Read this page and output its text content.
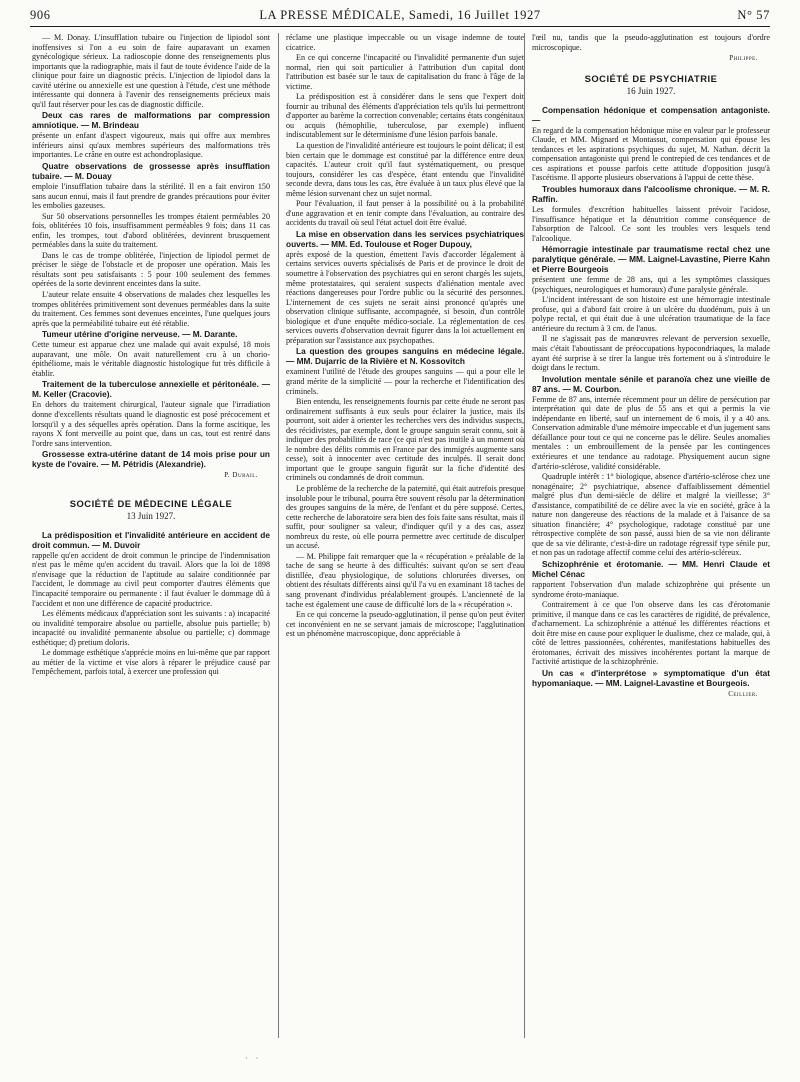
906	LA PRESSE MÉDICALE, Samedi, 16 Juillet 1927	N° 57

— M. Donay. L'insufflation tubaire ou l'injection de lipiodol sont inoffensives si l'on a eu soin de faire auparavant un examen gynécologique sérieux. La radioscopie donne des renseignements plus importants que la radiographie, mais il faut de toute évidence l'aide de la clinique pour faire un diagnostic précis. L'injection de lipiodol dans la cavité utérine ou annexielle est une question à l'étude, c'est une méthode intéressante qui donnera à l'avenir des renseignements précieux mais qu'il faut réserver pour les cas de diagnostic difficile.

Deux cas rares de malformations par compression amniotique. — M. Brindeau

présente un enfant d'aspect vigoureux, mais qui offre aux membres inférieurs ainsi qu'aux membres supérieurs des malformations très importantes. Le crâne en outre est achondroplasique.

Quatre observations de grossesse après insufflation tubaire. — M. Douay

emploie l'insufflation tubaire dans la stérilité. Il en a fait environ 150 sans aucun ennui, mais il faut prendre de grandes précautions pour éviter les embolies gazeuses.

Sur 50 observations personnelles les trompes étaient perméables 20 fois, oblitérées 10 fois, insuffisamment perméables 9 fois; dans 11 cas enfin, les trompes, tout d'abord oblitérées, devinrent brusquement perméables dans la suite du traitement.

Dans le cas de trompe oblitérée, l'injection de lipiodol permet de préciser le siège de l'obstacle et de proposer une opération. Mais les résultats sont peu satisfaisants : 5 pour 100 seulement des femmes opérées de la sorte devinrent enceintes dans la suite.

L'auteur relate ensuite 4 observations de malades chez lesquelles les trompes oblitérées primitivement sont devenues perméables dans la suite du traitement. Ces femmes sont devenues enceintes, l'une quelques jours après que la perméabilité tubaire eut été rétablie.

Tumeur utérine d'origine nerveuse. — M. Darante.

Cette tumeur est apparue chez une malade qui avait expulsé, 18 mois auparavant, une môle. On avait naturellement cru à un chorio-épithéliome, mais le véritable diagnostic histologique fut très difficile à établir.

Traitement de la tuberculose annexielle et péritonéale. — M. Keller (Cracovie).

En dehors du traitement chirurgical, l'auteur signale que l'irradiation donne d'excellents résultats quand le diagnostic est posé précocement et lorsqu'il y a des séquelles après opération. Dans la forme ascitique, les rayons X font merveille au point que, dans un cas, tout est rentré dans l'ordre sans intervention.

Grossesse extra-utérine datant de 14 mois prise pour un kyste de l'ovaire. — M. Pétridis (Alexandrie).

P. Dubail.
SOCIÉTÉ DE MÉDECINE LÉGALE
13 Juin 1927.

La prédisposition et l'invalidité antérieure en accident de droit commun. — M. Duvoir

rappelle qu'en accident de droit commun le principe de l'indemnisation n'est pas le même qu'en accident du travail. Alors que la loi de 1898 n'envisage que la réduction de l'aptitude au salaire conditionnée par l'accident, le dommage au civil peut comporter d'autres éléments que l'incapacité temporaire ou permanente : il faut évaluer le dommage dû à l'accident et non une différence de capacité productrice.

Les éléments médicaux d'appréciation sont les suivants : a) incapacité ou invalidité temporaire absolue ou partielle, absolue puis partielle; b) incapacité ou invalidité permanente absolue ou partielle; c) dommage esthétique; d) pretium doloris.

Le dommage esthétique s'apprécie moins en lui-même que par rapport au métier de la victime et vise alors à réparer le préjudice causé par l'empêchement, parfois total, à exercer une profession qui

réclame une plastique impeccable ou un visage indemne de toute cicatrice.

En ce qui concerne l'incapacité ou l'invalidité permanente d'un sujet normal, rien qui soit particulier à l'attribution d'un capital dont l'attribution est basée sur le taux de capitalisation du franc à l'âge de la victime.

La prédisposition est à considérer dans le sens que l'expert doit fournir au tribunal des éléments d'appréciation tels qu'ils lui permettront d'apporter au barème la correction convenable; certains états congénitaux ou acquis (hémophilie, tuberculose, par exemple) influent indiscutablement sur le déterminisme d'une lésion parfois banale.

La question de l'invalidité antérieure est toujours le point délicat; il est bien certain que le dommage est constitué par la différence entre deux capacités. L'auteur croit qu'il faut systématiquement, ou presque toujours, considérer les cas d'espèce, étant entendu que l'invalidité seconde devra, dans tous les cas, être évaluée à un taux plus élevé que la même lésion survenant chez un sujet normal.

Pour l'évaluation, il faut penser à la possibilité ou à la probabilité d'une aggravation et en tenir compte dans l'évaluation, au contraire des accidents du travail où seul l'état actuel doit être évalué.

La mise en observation dans les services psychiatriques ouverts. — MM. Ed. Toulouse et Roger Dupouy,

après exposé de la question, émettent l'avis d'accorder légalement à certains services ouverts spécialisés de Paris et de province le droit de soumettre à l'observation des psychiatres qui en seront chargés les sujets, même protestataires, qui seraient suspects d'aliénation mentale avec réactions dangereuses pour l'ordre public ou la sécurité des personnes. L'internement de ces sujets ne serait ainsi prononcé qu'après une observation clinique suffisante, accompagnée, si besoin, d'un contrôle biologique et d'une enquête médico-sociale. La réglementation de ces services ouverts d'observation devrait figurer dans la loi actuellement en préparation sur l'assistance aux psychopathes.

La question des groupes sanguins en médecine légale. — MM. Dujarric de la Rivière et N. Kossovitch

examinent l'utilité de l'étude des groupes sanguins — qui a pour elle le grand mérite de la simplicité — pour la recherche et l'identification des criminels.

Bien entendu, les renseignements fournis par cette étude ne seront pas ordinairement suffisants à eux seuls pour éclairer la justice, mais ils pourront, soit aider à orienter les recherches vers des individus suspects, des récidivistes, par exemple, dont le groupe sanguin serait connu, soit à indiquer des probabilités de race (ce qui n'est pas inutile à un moment où le nombre des délits commis en France par des immigrés augmente sans cesse), soit à innocenter avec certitude des inculpés. Il serait donc important que le groupe sanguin figurât sur la fiche d'identité des criminels ou condamnés de droit commun.

Le problème de la recherche de la paternité, qui était autrefois presque insoluble pour le tribunal, pourra être souvent résolu par la détermination des groupes sanguins de la mère, de l'enfant et du père supposé. Certes, cette recherche de laboratoire sera bien des fois faite sans résultat, mais il suffit, pour souligner sa valeur, d'indiquer qu'il y a des cas, assez nombreux du reste, où elle pourra permettre avec certitude de disculper un accusé.

— M. Philippe fait remarquer que la « récupération » préalable de la tache de sang se heurte à des difficultés: suivant qu'on se sert d'eau distillée, d'eau physiologique, de solutions chlorurées diverses, on obtient des résultats différents ainsi qu'il l'a vu en examinant 18 taches de sang provenant d'individus préalablement groupés. L'ancienneté de la tache est également une cause de difficulté lors de la « récupération ».

En ce qui concerne la pseudo-agglutination, il pense qu'on peut éviter cet inconvénient en ne se servant jamais de microscope; l'agglutination est un phénomène macroscopique, donc appréciable à

l'œil nu, tandis que la pseudo-agglutination est toujours d'ordre microscopique.

Philippe.
SOCIÉTÉ DE PSYCHIATRIE
16 Juin 1927.

Compensation hédonique et compensation antagoniste. —

En regard de la compensation hédonique mise en valeur par le professeur Claude, et MM. Mignard et Montassut, compensation qui épouse les tendances et les aspirations psychiques du sujet, M. Nathan. décrit la compensation antagoniste qui prend le contrepied de ces tendances et de ces aspirations et pousse parfois cette attitude d'opposition jusqu'à l'ascétisme. Il apporte plusieurs observations à l'appui de cette thèse.

Troubles humoraux dans l'alcoolisme chronique. — M. R. Raffin.

Les formules d'excrétion habituelles laissent prévoir l'acidose, l'insuffisance hépatique et la dénutrition comme conséquence de l'absorption de l'alcool. Ce sont les troubles vers lesquels tend l'alcoolique.

Hémorragie intestinale par traumatisme rectal chez une paralytique générale. — MM. Laignel-Lavastine, Pierre Kahn et Pierre Bourgeois

présentent une femme de 28 ans, qui a les symptômes classiques (psychiques, neurologiques et humoraux) d'une paralysie générale.

L'incident intéressant de son histoire est une hémorragie intestinale profuse, qui a d'abord fait croire à un ulcère du duodénum, puis à un polype rectal, et qui était due à une ulcération traumatique de la face antérieure du rectum à 3 cm. de l'anus.

Il ne s'agissait pas de manœuvres relevant de perversion sexuelle, mais c'était l'aboutissant de préoccupations hypocondriaques, la malade ayant été surprise à se tirer la langue très fortement ou à s'introduire le doigt dans le rectum.

Involution mentale sénile et paranoïa chez une vieille de 87 ans. — M. Courbon.

Femme de 87 ans, internée récemment pour un délire de persécution par interprétation qui date de plus de 55 ans et qui a permis la vie indépendante en liberté, sauf un internement de 6 mois, il y a 40 ans. Conservation admirable d'une mémoire impeccable et d'un jugement sans défaillance pour tout ce qui ne concerne pas le délire. Seules anomalies mentales : un embrouillement de la pensée par les contingences extérieures et une tendance au radotage. Physiquement aucun signe d'artério-sclérose, validité considérable.

Quadruple intérêt : 1° biologique, absence d'artério-sclérose chez une nonagénaire; 2° psychiatrique, absence d'affaiblissement démentiel malgré plus d'un demi-siècle de délire et malgré la vieillesse; 3° d'assistance, compatibilité de ce délire avec la vie en société, grâce à la nature non dangereuse des réactions de la malade et à l'aisance de sa situation financière; 4° psychologique, radotage constitué par une rétrospective complète de son passé, aussi bien de sa vie non délirante que de sa vie délirante, c'est-à-dire un radotage régressif type sénile pur, et non pas un radotage affectif comme celui des artério-scléreux.

Schizophrénie et érotomanie. — MM. Henri Claude et Michel Cénac

rapportent l'observation d'un malade schizophrène qui présente un syndrome éroto-maniaque.

Contrairement à ce que l'on observe dans les cas d'érotomanie primitive, il manque dans ce cas les caractères de rigidité, de prévalence, d'acharnement. La schizophrénie a atténué les différentes réactions et doit être mise en cause pour expliquer le dualisme, chez ce malade, qui, à côté de lettres passionnées, cohérentes, manifestations habituelles des érotomanes, écrivait des missives incohérentes portant la marque de l'activité artistique de la schizophrénie.

Un cas « d'interprétose » symptomatique d'un état hypomaniaque. — MM. Laignel-Lavastine et Bourgeois.

Ceillier.
· ·
